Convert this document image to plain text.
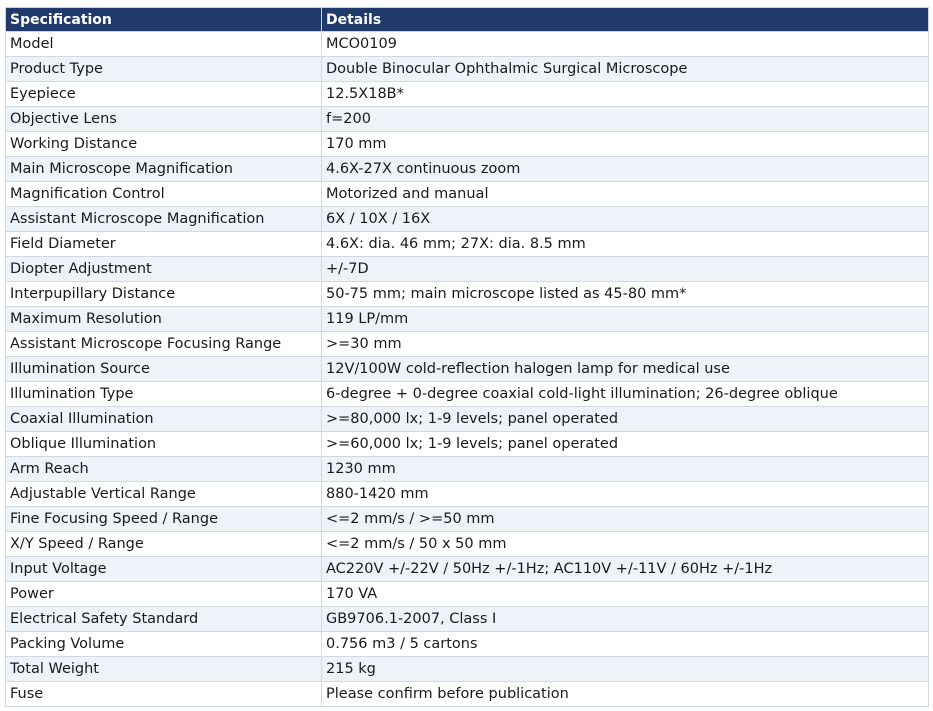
Specification	Details
Model	MCO0109
Product Type	Double Binocular Ophthalmic Surgical Microscope
Eyepiece	12.5X18B*
Objective Lens	f=200
Working Distance	170 mm
Main Microscope Magnification	4.6X-27X continuous zoom
Magnification Control	Motorized and manual
Assistant Microscope Magnification	6X / 10X / 16X
Field Diameter	4.6X: dia. 46 mm; 27X: dia. 8.5 mm
Diopter Adjustment	+/-7D
Interpupillary Distance	50-75 mm; main microscope listed as 45-80 mm*
Maximum Resolution	119 LP/mm
Assistant Microscope Focusing Range	>=30 mm
Illumination Source	12V/100W cold-reflection halogen lamp for medical use
Illumination Type	6-degree + 0-degree coaxial cold-light illumination; 26-degree oblique
Coaxial Illumination	>=80,000 lx; 1-9 levels; panel operated
Oblique Illumination	>=60,000 lx; 1-9 levels; panel operated
Arm Reach	1230 mm
Adjustable Vertical Range	880-1420 mm
Fine Focusing Speed / Range	<=2 mm/s / >=50 mm
X/Y Speed / Range	<=2 mm/s / 50 x 50 mm
Input Voltage	AC220V +/-22V / 50Hz +/-1Hz; AC110V +/-11V / 60Hz +/-1Hz
Power	170 VA
Electrical Safety Standard	GB9706.1-2007, Class I
Packing Volume	0.756 m3 / 5 cartons
Total Weight	215 kg
Fuse	Please confirm before publication
